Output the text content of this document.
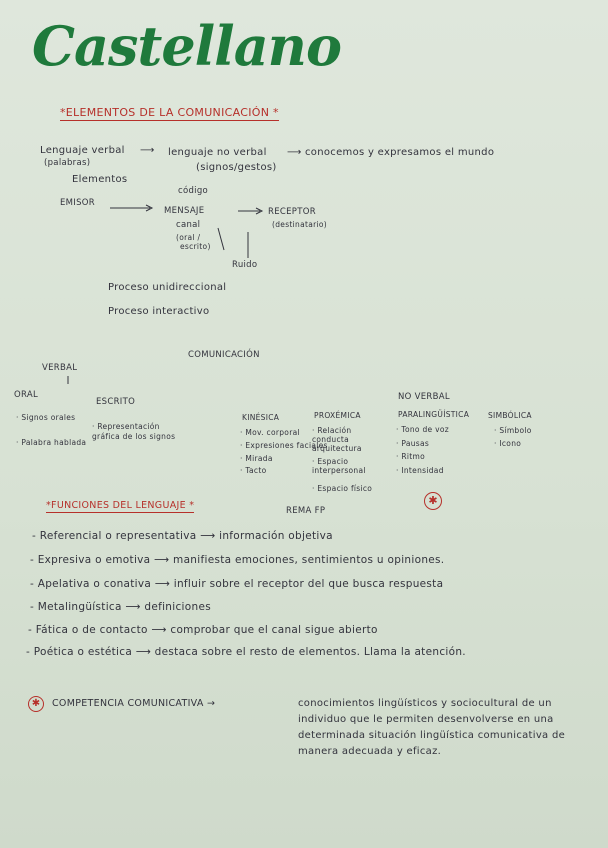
Castellano
*ELEMENTOS DE LA COMUNICACIÓN *
Lenguaje verbal
(palabras)
⟶ lenguaje no verbal
(signos/gestos)
⟶ conocemos y expresamos el mundo
Elementos
código
EMISOR
MENSAJE	RECEPTOR
(destinatario)
canal
(oral /
escrito)
Ruido
Proceso unidireccional
Proceso interactivo
COMUNICACIÓN
VERBAL
ORAL
· Signos orales
· Palabra hablada
ESCRITO
· Representación gráfica de los signos
NO VERBAL
KINÉSICA
· Mov. corporal
· Expresiones faciales
· Mirada
· Tacto
PROXÉMICA
· Relación conducta arquitectura
· Espacio interpersonal
· Espacio físico
PARALINGÜÍSTICA
· Tono de voz
· Pausas
· Ritmo
· Intensidad
SIMBÓLICA
· Símbolo
· Icono
✱
*FUNCIONES DEL LENGUAJE *	REMA FP
- Referencial o representativa ⟶ información objetiva
- Expresiva o emotiva ⟶ manifiesta emociones, sentimientos u opiniones.
- Apelativa o conativa ⟶ influir sobre el receptor del que busca respuesta
- Metalingüística ⟶ definiciones
- Fática o de contacto ⟶ comprobar que el canal sigue abierto
- Poética o estética ⟶ destaca sobre el resto de elementos. Llama la atención.
✱	COMPETENCIA COMUNICATIVA →	conocimientos lingüísticos y sociocultural de un individuo que le permiten desenvolverse en una determinada situación lingüística comunicativa de manera adecuada y eficaz.
